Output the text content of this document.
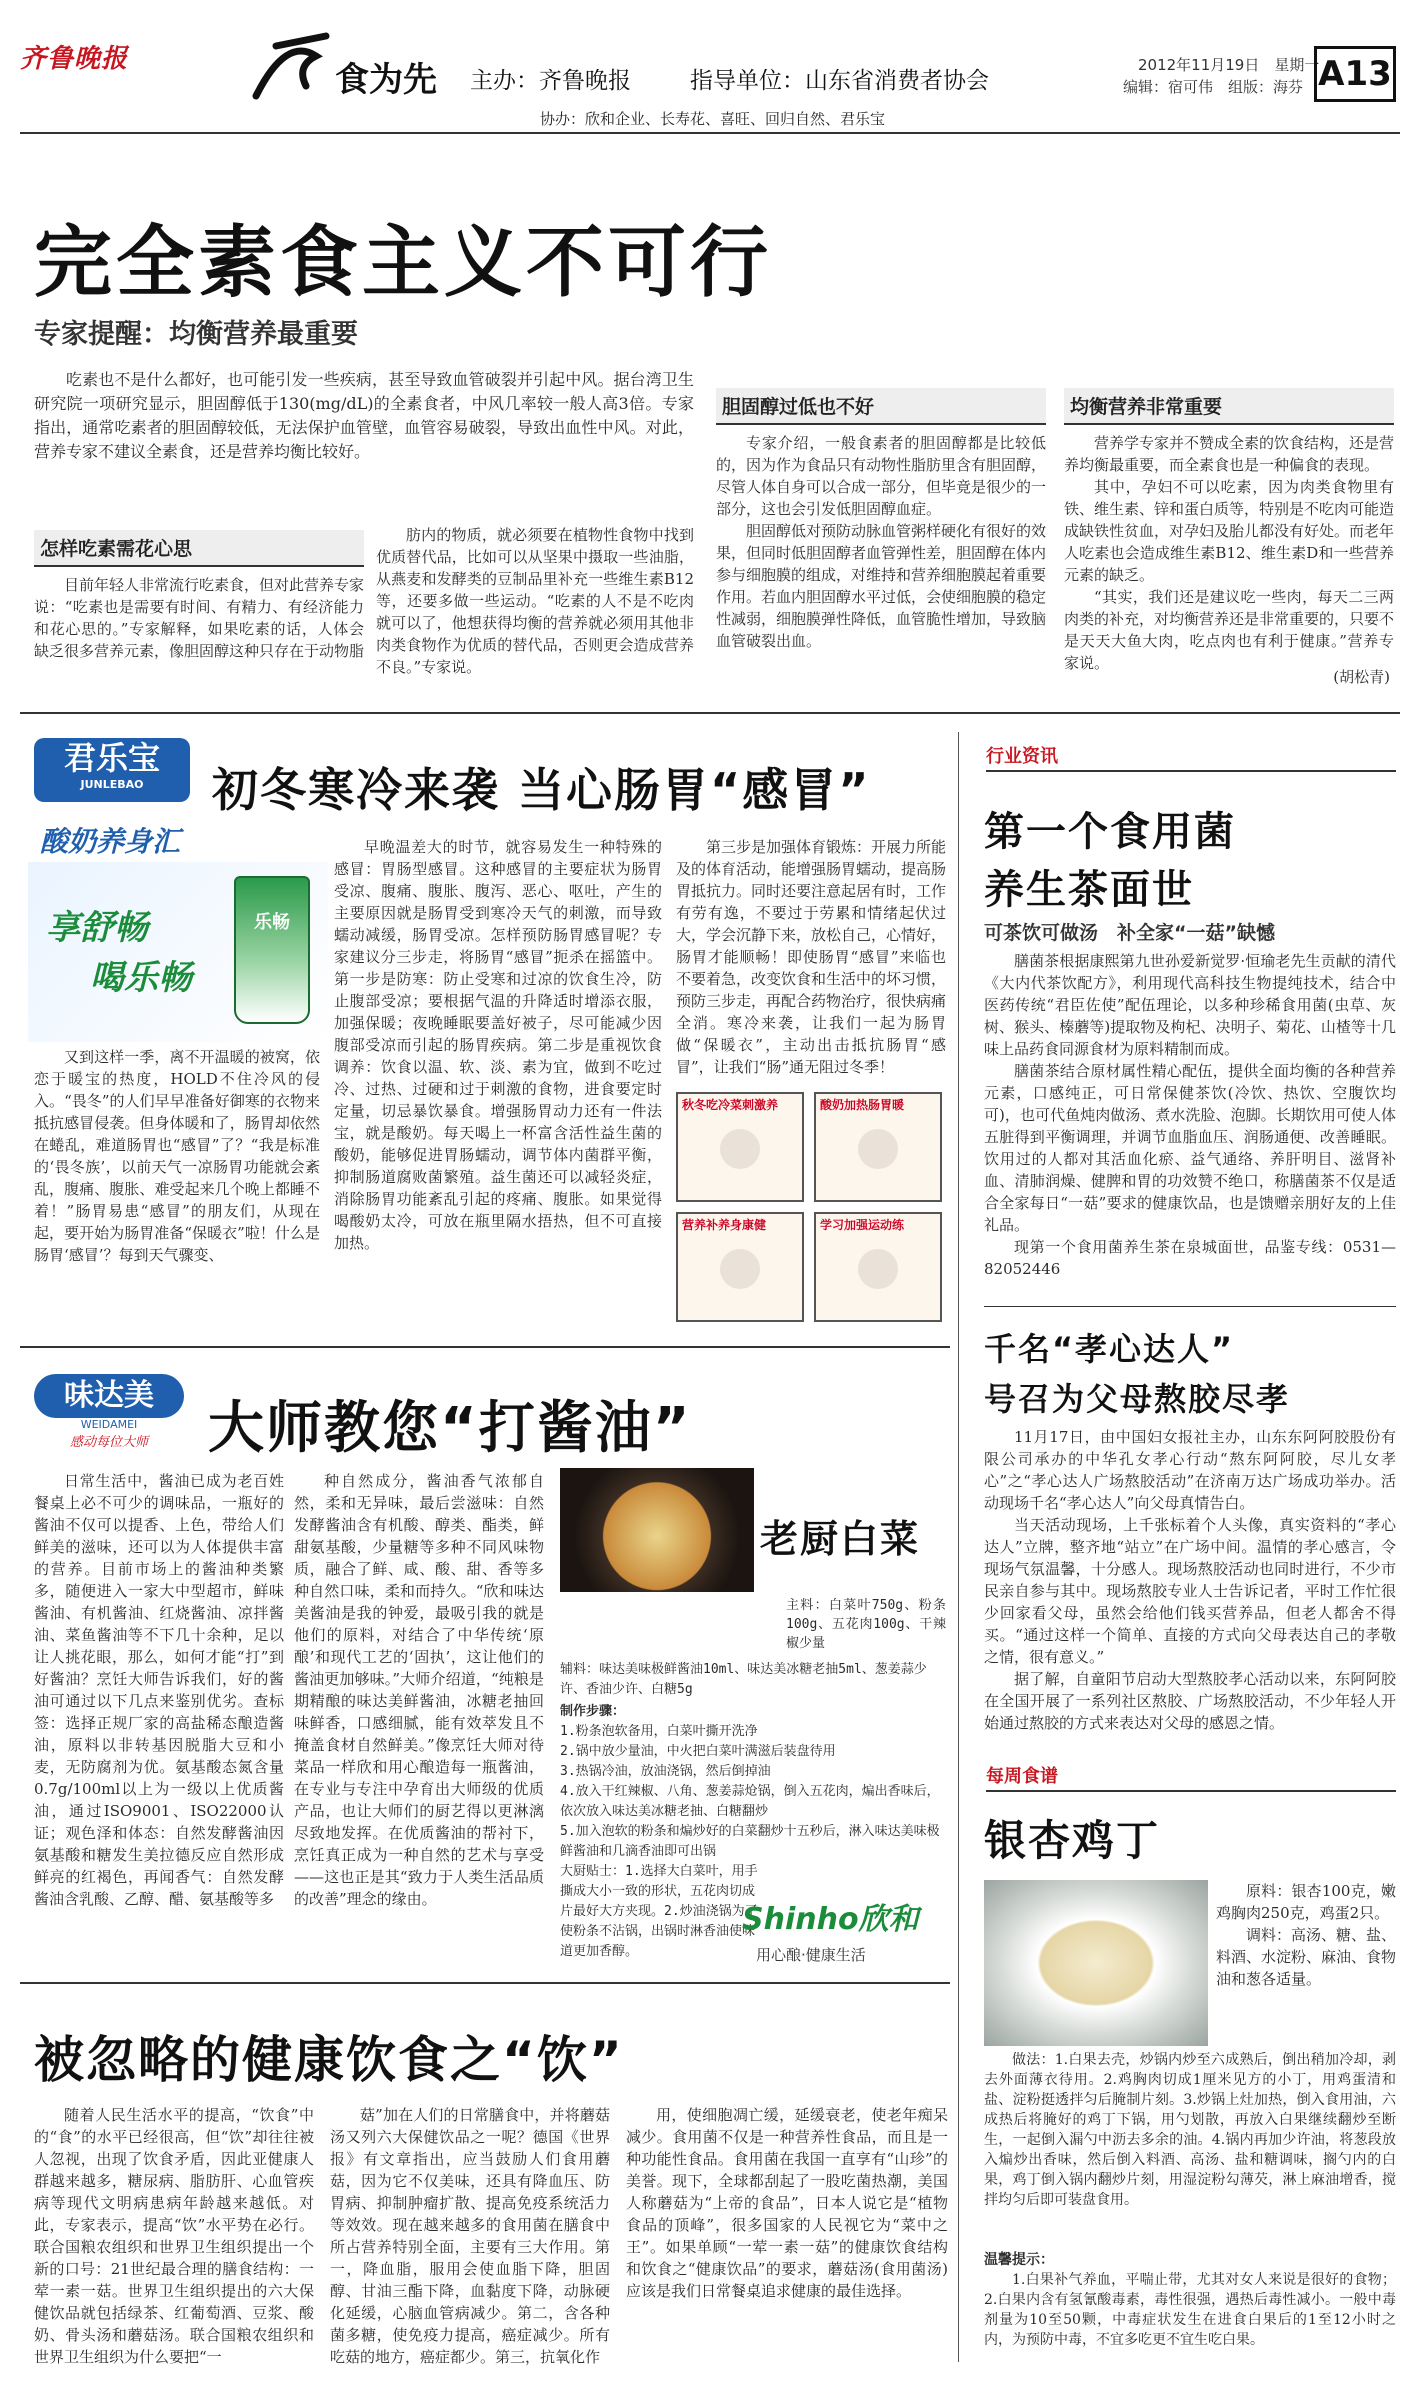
齐鲁晚报
食为先 主办：齐鲁晚报	指导单位：山东省消费者协会
协办：欣和企业、长寿花、喜旺、回归自然、君乐宝
2012年11月19日　星期一
编辑：宿可伟　组版：海芬 A13
完全素食主义不可行
专家提醒：均衡营养最重要

吃素也不是什么都好，也可能引发一些疾病，甚至导致血管破裂并引起中风。据台湾卫生研究院一项研究显示，胆固醇低于130(mg/dL)的全素食者，中风几率较一般人高3倍。专家指出，通常吃素者的胆固醇较低，无法保护血管壁，血管容易破裂，导致出血性中风。对此，营养专家不建议全素食，还是营养均衡比较好。

怎样吃素需花心思

目前年轻人非常流行吃素食，但对此营养专家说：“吃素也是需要有时间、有精力、有经济能力和花心思的。”专家解释，如果吃素的话，人体会缺乏很多营养元素，像胆固醇这种只存在于动物脂

肪内的物质，就必须要在植物性食物中找到优质替代品，比如可以从坚果中摄取一些油脂，从燕麦和发酵类的豆制品里补充一些维生素B12等，还要多做一些运动。“吃素的人不是不吃肉就可以了，他想获得均衡的营养就必须用其他非肉类食物作为优质的替代品，否则更会造成营养不良。”专家说。

胆固醇过低也不好

专家介绍，一般食素者的胆固醇都是比较低的，因为作为食品只有动物性脂肪里含有胆固醇，尽管人体自身可以合成一部分，但毕竟是很少的一部分，这也会引发低胆固醇血症。

胆固醇低对预防动脉血管粥样硬化有很好的效果，但同时低胆固醇者血管弹性差，胆固醇在体内参与细胞膜的组成，对维持和营养细胞膜起着重要作用。若血内胆固醇水平过低，会使细胞膜的稳定性减弱，细胞膜弹性降低，血管脆性增加，导致脑血管破裂出血。

均衡营养非常重要

营养学专家并不赞成全素的饮食结构，还是营养均衡最重要，而全素食也是一种偏食的表现。

其中，孕妇不可以吃素，因为肉类食物里有铁、维生素、锌和蛋白质等，特别是不吃肉可能造成缺铁性贫血，对孕妇及胎儿都没有好处。而老年人吃素也会造成维生素B12、维生素D和一些营养元素的缺乏。

“其实，我们还是建议吃一些肉，每天二三两肉类的补充，对均衡营养还是非常重要的，只要不是天天大鱼大肉，吃点肉也有利于健康。”营养专家说。

(胡松青)
君乐宝
JUNLEBAO
酸奶养身汇
享舒畅
喝乐畅
乐畅
初冬寒冷来袭 当心肠胃“感冒”

又到这样一季，离不开温暖的被窝，依恋于暖宝的热度，HOLD不住冷风的侵入。“畏冬”的人们早早准备好御寒的衣物来抵抗感冒侵袭。但身体暖和了，肠胃却依然在蜷乱，难道肠胃也“感冒”了？“我是标准的‘畏冬族’，以前天气一凉肠胃功能就会紊乱，腹痛、腹胀、难受起来几个晚上都睡不着！”肠胃易患“感冒”的朋友们，从现在起，要开始为肠胃准备“保暖衣”啦！什么是肠胃‘感冒’？每到天气骤变、

早晚温差大的时节，就容易发生一种特殊的感冒：胃肠型感冒。这种感冒的主要症状为肠胃受凉、腹痛、腹胀、腹泻、恶心、呕吐，产生的主要原因就是肠胃受到寒冷天气的刺激，而导致蠕动减缓，肠胃受凉。怎样预防肠胃感冒呢？专家建议分三步走，将肠胃“感冒”扼杀在摇篮中。第一步是防寒：防止受寒和过凉的饮食生冷，防止腹部受凉；要根据气温的升降适时增添衣服，加强保暖；夜晚睡眠要盖好被子，尽可能减少因腹部受凉而引起的肠胃疾病。第二步是重视饮食调养：饮食以温、软、淡、素为宜，做到不吃过冷、过热、过硬和过于刺激的食物，进食要定时定量，切忌暴饮暴食。增强肠胃动力还有一件法宝，就是酸奶。每天喝上一杯富含活性益生菌的酸奶，能够促进胃肠蠕动，调节体内菌群平衡，抑制肠道腐败菌繁殖。益生菌还可以减轻炎症，消除肠胃功能紊乱引起的疼痛、腹胀。如果觉得喝酸奶太冷，可放在瓶里隔水捂热，但不可直接加热。

第三步是加强体育锻炼：开展力所能及的体育活动，能增强肠胃蠕动，提高肠胃抵抗力。同时还要注意起居有时，工作有劳有逸，不要过于劳累和情绪起伏过大，学会沉静下来，放松自己，心情好，肠胃才能顺畅！即使肠胃“感冒”来临也不要着急，改变饮食和生活中的坏习惯，预防三步走，再配合药物治疗，很快病痛全消。寒冷来袭，让我们一起为肠胃做“保暖衣”，主动出击抵抗肠胃“感冒”，让我们“肠”通无阻过冬季！

秋冬吃冷菜刺激养	酸奶加热肠胃暖
营养补养身康健	学习加强运动练
味达美
WEIDAMEI
感动每位大师	大师教您“打酱油”

日常生活中，酱油已成为老百姓餐桌上必不可少的调味品，一瓶好的酱油不仅可以提香、上色，带给人们鲜美的滋味，还可以为人体提供丰富的营养。目前市场上的酱油种类繁多，随便进入一家大中型超市，鲜味酱油、有机酱油、红烧酱油、凉拌酱油、菜鱼酱油等不下几十余种，足以让人挑花眼，那么，如何才能“打”到好酱油？烹饪大师告诉我们，好的酱油可通过以下几点来鉴别优劣。查标签：选择正规厂家的高盐稀态酿造酱油，原料以非转基因脱脂大豆和小麦，无防腐剂为优。氨基酸态氮含量0.7g/100ml以上为一级以上优质酱油，通过ISO9001、ISO22000认证；观色泽和体态：自然发酵酱油因氨基酸和糖发生美拉德反应自然形成鲜亮的红褐色，再闻香气：自然发酵酱油含乳酸、乙醇、醋、氨基酸等多

种自然成分，酱油香气浓郁自然，柔和无异味，最后尝滋味：自然发酵酱油含有机酸、醇类、酯类，鲜甜氨基酸，少量糖等多种不同风味物质，融合了鲜、咸、酸、甜、香等多种自然口味，柔和而持久。“欣和味达美酱油是我的钟爱，最吸引我的就是他们的原料，对结合了中华传统‘原酿’和现代工艺的‘固执’，这让他们的酱油更加够味。”大师介绍道，“纯粮是期精酿的味达美鲜酱油，冰糖老抽回味鲜香，口感细腻，能有效萃发且不掩盖食材自然鲜美。”像烹饪大师对待菜品一样欣和用心酿造每一瓶酱油，在专业与专注中孕育出大师级的优质产品，也让大师们的厨艺得以更淋漓尽致地发挥。在优质酱油的帮衬下，烹饪真正成为一种自然的艺术与享受——这也正是其“致力于人类生活品质的改善”理念的缘由。

老厨白菜
主料：白菜叶750g、粉条100g、五花肉100g、干辣椒少量
辅料：味达美味极鲜酱油10ml、味达美冰糖老抽5ml、葱姜蒜少许、香油少许、白糖5g
制作步骤：
1.粉条泡软备用，白菜叶撕开洗净
2.锅中放少量油，中火把白菜叶满滋后装盘待用
3.热锅冷油，放油浇锅，然后倒掉油
4.放入干红辣椒、八角、葱姜蒜炝锅，倒入五花肉，煸出香味后，依次放入味达美冰糖老抽、白糖翻炒
5.加入泡软的粉条和煸炒好的白菜翻炒十五秒后，淋入味达美味极鲜酱油和几滴香油即可出锅
大厨贴士：1.选择大白菜叶，用手撕成大小一致的形状，五花肉切成片最好大方夹现。2.炒油浇锅为了使粉条不沾锅，出锅时淋香油使味道更加香醇。
Shinho欣和
用心酿·健康生活
被忽略的健康饮食之“饮”

随着人民生活水平的提高，“饮食”中的“食”的水平已经很高，但“饮”却往往被人忽视，出现了饮食矛盾，因此亚健康人群越来越多，糖尿病、脂肪肝、心血管疾病等现代文明病患病年龄越来越低。对此，专家表示，提高“饮”水平势在必行。联合国粮农组织和世界卫生组织提出一个新的口号：21世纪最合理的膳食结构：一荤一素一菇。世界卫生组织提出的六大保健饮品就包括绿茶、红葡萄酒、豆浆、酸奶、骨头汤和蘑菇汤。联合国粮农组织和世界卫生组织为什么要把“一

菇”加在人们的日常膳食中，并将蘑菇汤又列六大保健饮品之一呢？德国《世界报》有文章指出，应当鼓励人们食用蘑菇，因为它不仅美味，还具有降血压、防胃病、抑制肿瘤扩散、提高免疫系统活力等效效。现在越来越多的食用菌在膳食中所占营养特别全面，主要有三大作用。第一，降血脂，服用会使血脂下降，胆固醇、甘油三酯下降，血黏度下降，动脉硬化延缓，心脑血管病减少。第二，含各种菌多糖，使免疫力提高，癌症减少。所有吃菇的地方，癌症都少。第三，抗氧化作

用，使细胞凋亡缓，延缓衰老，使老年痴呆减少。食用菌不仅是一种营养性食品，而且是一种功能性食品。食用菌在我国一直享有“山珍”的美誉。现下，全球都刮起了一股吃菌热潮，美国人称蘑菇为“上帝的食品”，日本人说它是“植物食品的顶峰”，很多国家的人民视它为“菜中之王”。如果单顾“一荤一素一菇”的健康饮食结构和饮食之“健康饮品”的要求，蘑菇汤(食用菌汤)应该是我们日常餐桌追求健康的最佳选择。

行业资讯
第一个食用菌
养生茶面世
可茶饮可做汤　补全家“一菇”缺憾

膳菌茶根据康熙第九世孙爱新觉罗·恒瑜老先生贡献的清代《大内代茶饮配方》，利用现代高科技生物提纯技术，结合中医药传统“君臣佐使”配伍理论，以多种珍稀食用菌(虫草、灰树、猴头、榛蘑等)提取物及枸杞、决明子、菊花、山楂等十几味上品药食同源食材为原料精制而成。

膳菌茶结合原材属性精心配伍，提供全面均衡的各种营养元素，口感纯正，可日常保健茶饮(冷饮、热饮、空腹饮均可)，也可代鱼炖肉做汤、煮水洗脸、泡脚。长期饮用可使人体五脏得到平衡调理，并调节血脂血压、润肠通便、改善睡眠。饮用过的人都对其活血化瘀、益气通络、养肝明目、滋肾补血、清肺润燥、健脾和胃的功效赞不绝口，称膳菌茶不仅是适合全家每日“一菇”要求的健康饮品，也是馈赠亲朋好友的上佳礼品。

现第一个食用菌养生茶在泉城面世，品鉴专线：0531—82052446

千名“孝心达人”
号召为父母熬胶尽孝

11月17日，由中国妇女报社主办，山东东阿阿胶股份有限公司承办的中华孔女孝心行动“熬东阿阿胶，尽儿女孝心”之“孝心达人广场熬胶活动”在济南万达广场成功举办。活动现场千名“孝心达人”向父母真情告白。

当天活动现场，上千张标着个人头像，真实资料的“孝心达人”立牌，整齐地“站立”在广场中间。温情的孝心感言，令现场气氛温馨，十分感人。现场熬胶活动也同时进行，不少市民亲自参与其中。现场熬胶专业人士告诉记者，平时工作忙很少回家看父母，虽然会给他们钱买营养品，但老人都舍不得买。“通过这样一个简单、直接的方式向父母表达自己的孝敬之情，很有意义。”

据了解，自童阳节启动大型熬胶孝心活动以来，东阿阿胶在全国开展了一系列社区熬胶、广场熬胶活动，不少年轻人开始通过熬胶的方式来表达对父母的感恩之情。

每周食谱
银杏鸡丁

原料：银杏100克，嫩鸡胸肉250克，鸡蛋2只。

调料：高汤、糖、盐、料酒、水淀粉、麻油、食物油和葱各适量。

做法：1.白果去壳，炒锅内炒至六成熟后，倒出稍加冷却，剥去外面薄衣待用。2.鸡胸肉切成1厘米见方的小丁，用鸡蛋清和盐、淀粉挺透拌匀后腌制片刻。3.炒锅上灶加热，倒入食用油，六成热后将腌好的鸡丁下锅，用勺划散，再放入白果继续翻炒至断生，一起倒入漏勺中沥去多余的油。4.锅内再加少许油，将葱段放入煸炒出香味，然后倒入料酒、高汤、盐和糖调味，搁勺内的白果，鸡丁倒入锅内翻炒片刻，用湿淀粉勾薄芡，淋上麻油增香，搅拌均匀后即可装盘食用。

温馨提示：

1.白果补气养血，平喘止带，尤其对女人来说是很好的食物；2.白果内含有氢氰酸毒素，毒性很强，遇热后毒性减小。一般中毒剂量为10至50颗，中毒症状发生在进食白果后的1至12小时之内，为预防中毒，不宜多吃更不宜生吃白果。
